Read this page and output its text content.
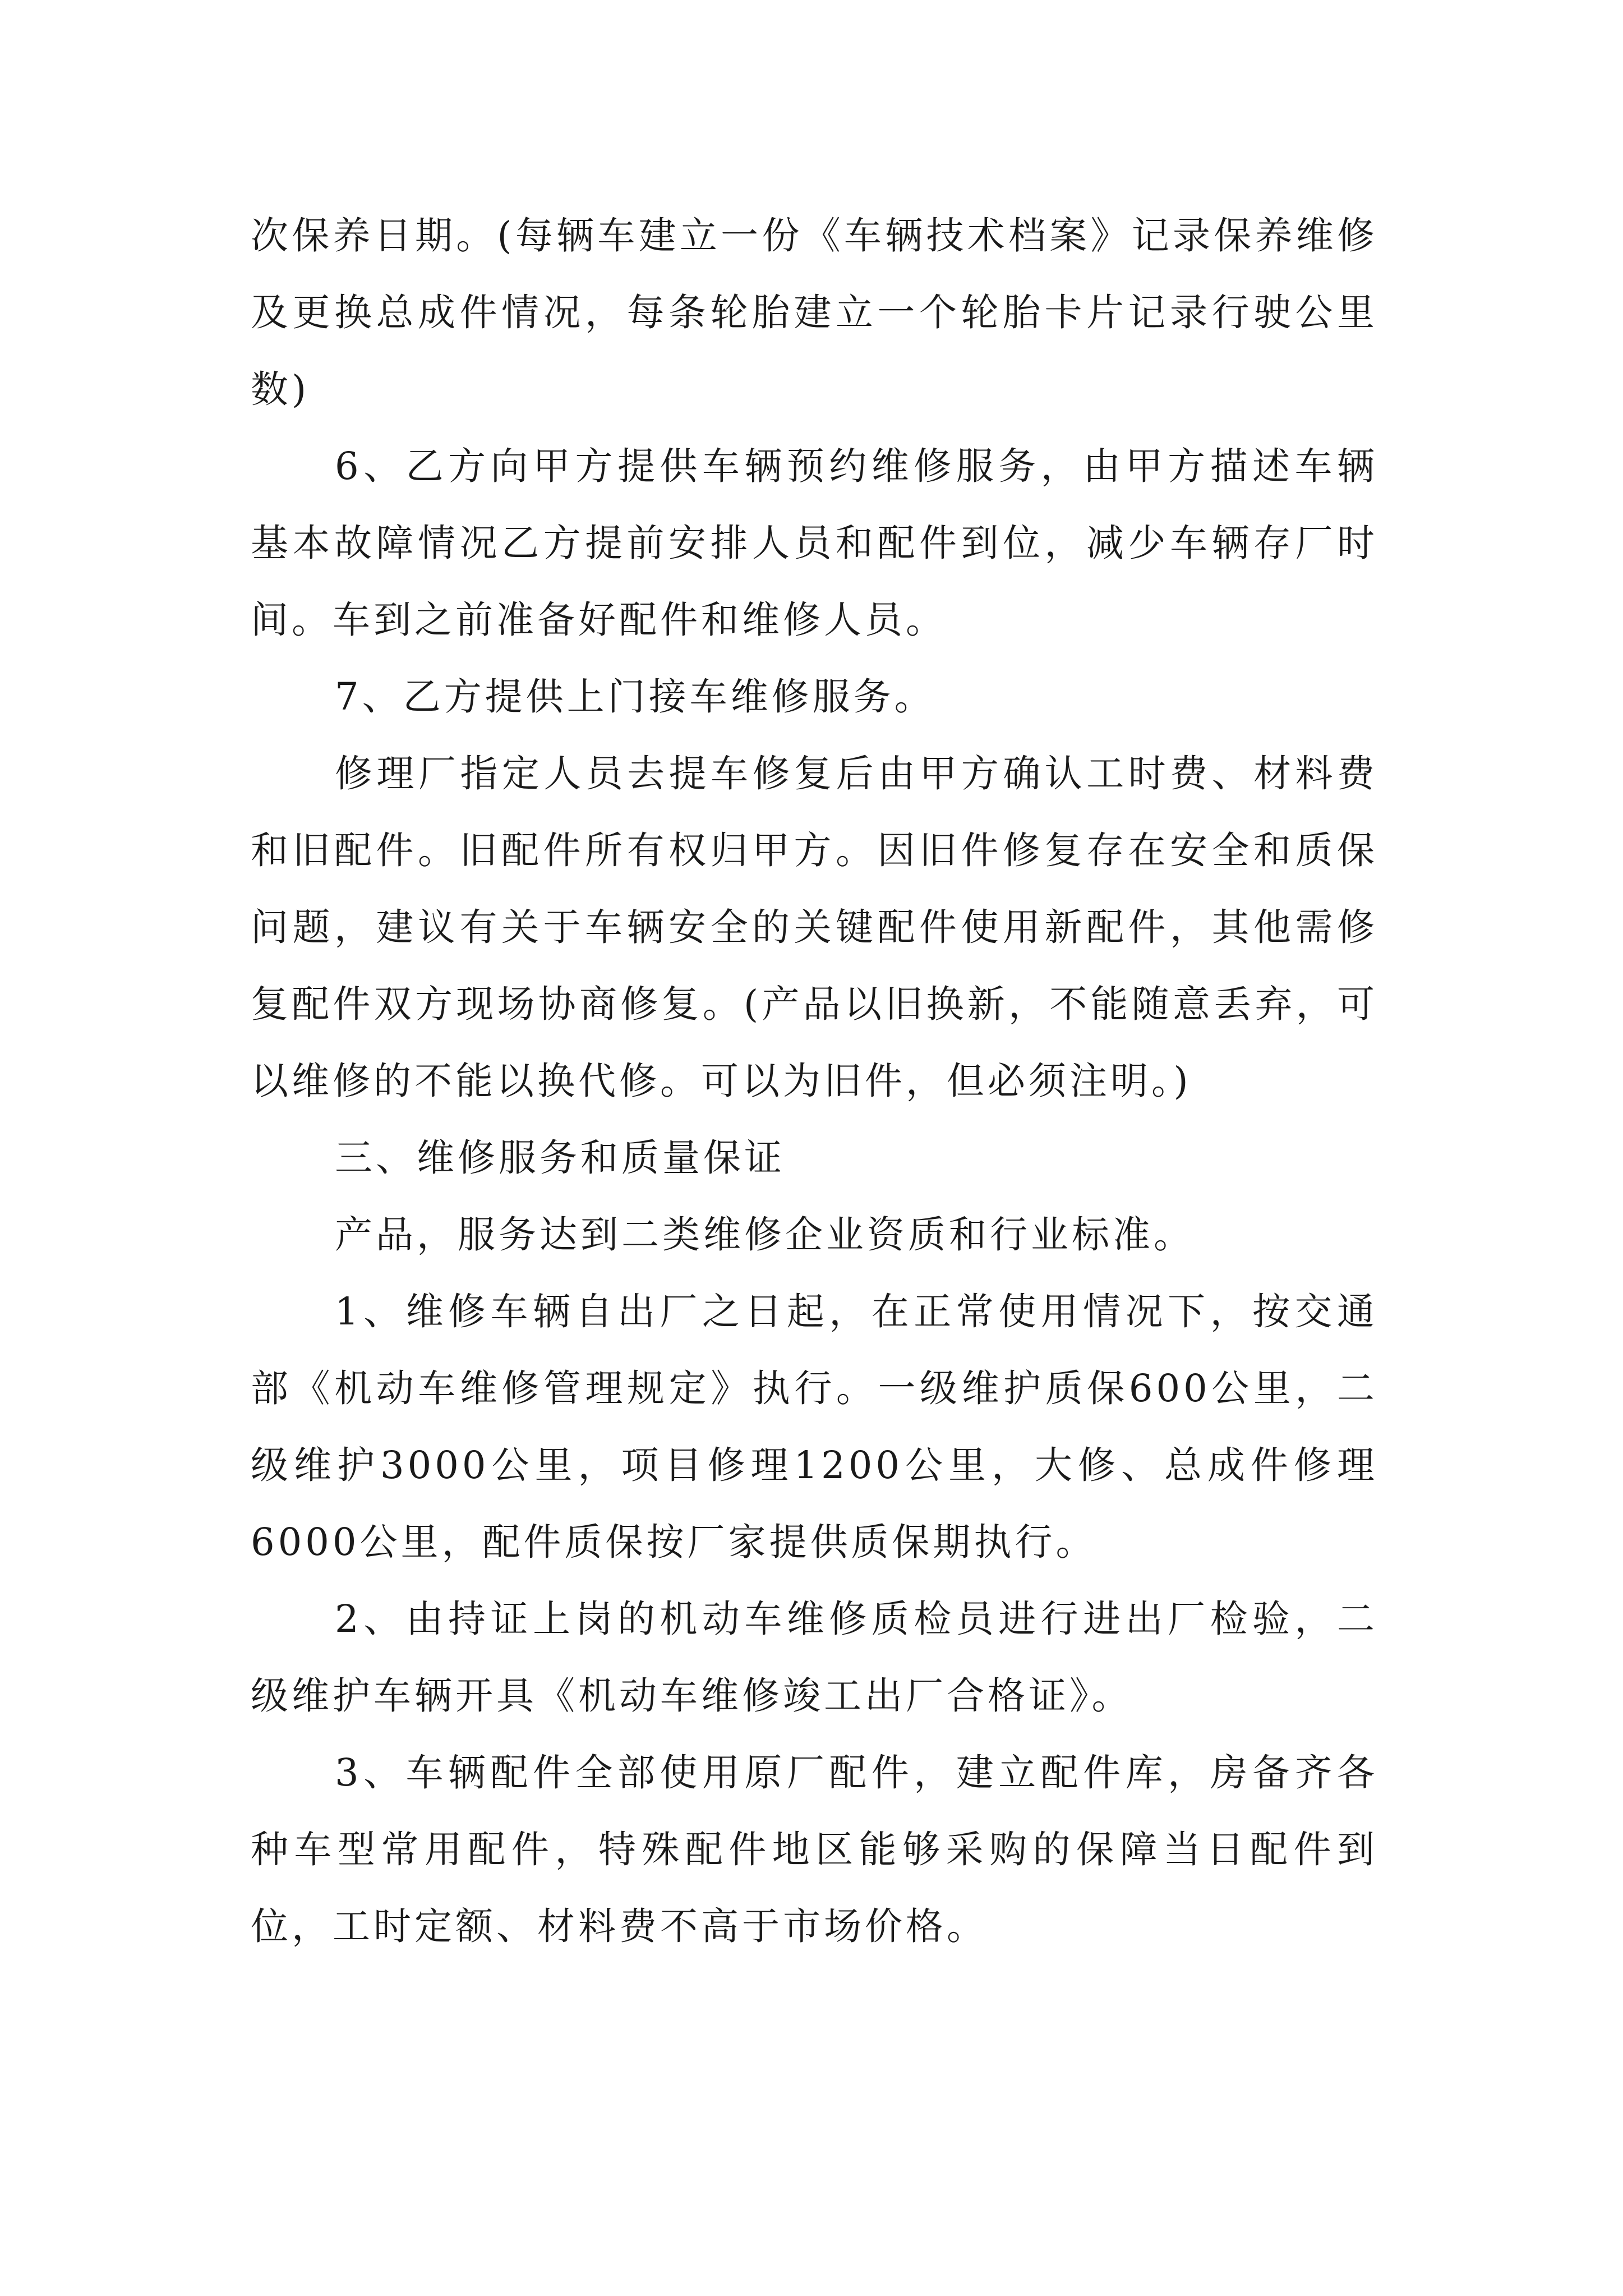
次保养日期。(每辆车建立一份《车辆技术档案》记录保养维修及更换总成件情况，每条轮胎建立一个轮胎卡片记录行驶公里数)

6、乙方向甲方提供车辆预约维修服务，由甲方描述车辆基本故障情况乙方提前安排人员和配件到位，减少车辆存厂时间。车到之前准备好配件和维修人员。

7、乙方提供上门接车维修服务。

修理厂指定人员去提车修复后由甲方确认工时费、材料费和旧配件。旧配件所有权归甲方。因旧件修复存在安全和质保问题，建议有关于车辆安全的关键配件使用新配件，其他需修复配件双方现场协商修复。(产品以旧换新，不能随意丢弃，可以维修的不能以换代修。可以为旧件，但必须注明。)

三、维修服务和质量保证

产品，服务达到二类维修企业资质和行业标准。

1、维修车辆自出厂之日起，在正常使用情况下，按交通部《机动车维修管理规定》执行。一级维护质保600公里，二级维护3000公里，项目修理1200公里，大修、总成件修理6000公里，配件质保按厂家提供质保期执行。

2、由持证上岗的机动车维修质检员进行进出厂检验，二级维护车辆开具《机动车维修竣工出厂合格证》。

3、车辆配件全部使用原厂配件，建立配件库，房备齐各种车型常用配件，特殊配件地区能够采购的保障当日配件到位，工时定额、材料费不高于市场价格。
